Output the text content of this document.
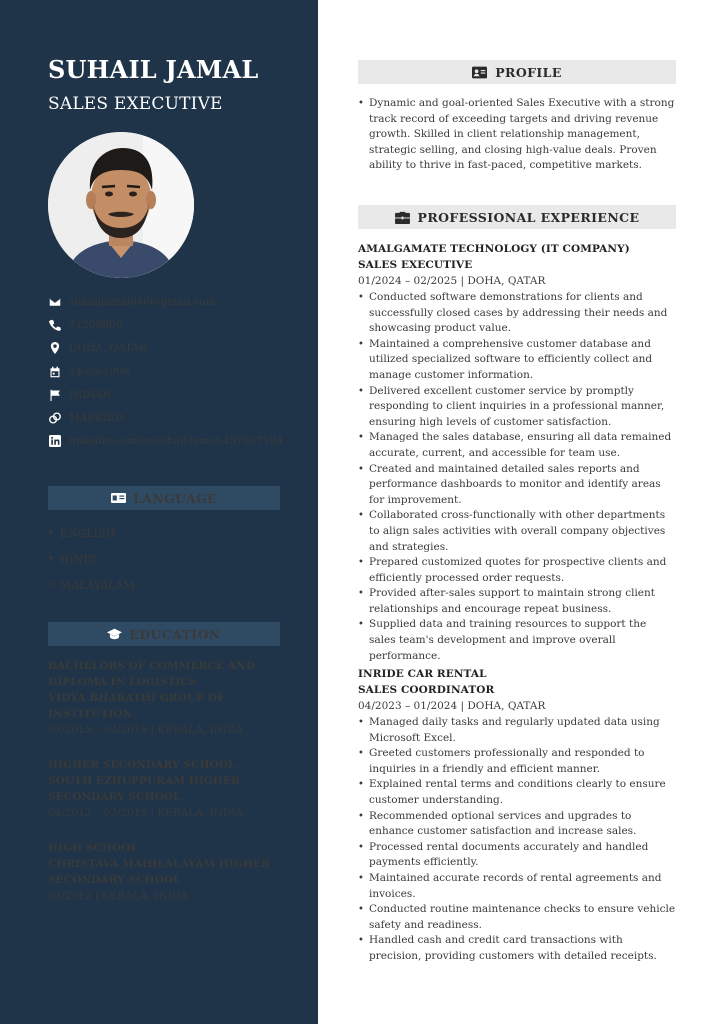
SUHAIL JAMAL
SALES EXECUTIVE
suhailjamal040@gmail.com
71208809
DOHA, QATAR
24-09-1996
INDIAN
MARRIED
linkedin.com/in/suhail-jamal-457527194
LANGUAGE
• ENGLISH
• HINDI
• MALAYALAM
EDUCATION
BACHELORS OF COMMERCE AND
DIPLOMA IN LOGISTICS
VIDYA BHARATHI GROUP OF
INSTITUTION
07/2015 – 04/2018 | KERALA, INDIA
HIGHER SECONDARY SCHOOL
SOUTH EZHUPPURAM HIGHER
SECONDARY SCHOOL
04/2012 – 07/2015 | KERALA, INDIA
HIGH SCHOOL
CHRISTAVA MAHILALAYAM HIGHER
SECONDARY SCHOOL
03/2012 | KERALA, INDIA
PROFILE
• Dynamic and goal-oriented Sales Executive with a strong track record of exceeding targets and driving revenue growth. Skilled in client relationship management, strategic selling, and closing high-value deals. Proven ability to thrive in fast-paced, competitive markets.
PROFESSIONAL EXPERIENCE
AMALGAMATE TECHNOLOGY (IT COMPANY)
SALES EXECUTIVE
01/2024 – 02/2025 | DOHA, QATAR
• Conducted software demonstrations for clients and successfully closed cases by addressing their needs and showcasing product value.
• Maintained a comprehensive customer database and utilized specialized software to efficiently collect and manage customer information.
• Delivered excellent customer service by promptly responding to client inquiries in a professional manner, ensuring high levels of customer satisfaction.
• Managed the sales database, ensuring all data remained accurate, current, and accessible for team use.
• Created and maintained detailed sales reports and performance dashboards to monitor and identify areas for improvement.
• Collaborated cross-functionally with other departments to align sales activities with overall company objectives and strategies.
• Prepared customized quotes for prospective clients and efficiently processed order requests.
• Provided after-sales support to maintain strong client relationships and encourage repeat business.
• Supplied data and training resources to support the sales team's development and improve overall performance.
INRIDE CAR RENTAL
SALES COORDINATOR
04/2023 – 01/2024 | DOHA, QATAR
• Managed daily tasks and regularly updated data using Microsoft Excel.
• Greeted customers professionally and responded to inquiries in a friendly and efficient manner.
• Explained rental terms and conditions clearly to ensure customer understanding.
• Recommended optional services and upgrades to enhance customer satisfaction and increase sales.
• Processed rental documents accurately and handled payments efficiently.
• Maintained accurate records of rental agreements and invoices.
• Conducted routine maintenance checks to ensure vehicle safety and readiness.
• Handled cash and credit card transactions with precision, providing customers with detailed receipts.
